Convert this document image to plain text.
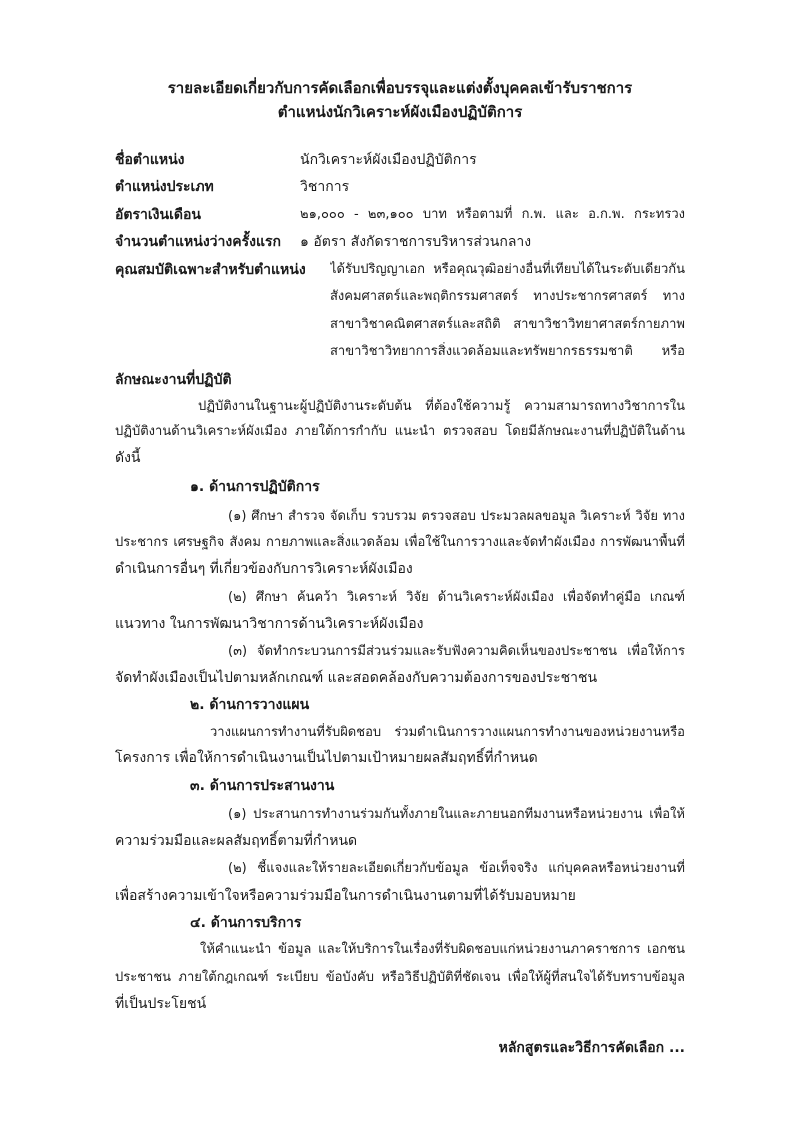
รายละเอียดเกี่ยวกับการคัดเลือกเพื่อบรรจุและแต่งตั้งบุคคลเข้ารับราชการ
ตำแหน่งนักวิเคราะห์ผังเมืองปฏิบัติการ
ชื่อตำแหน่ง	นักวิเคราะห์ผังเมืองปฏิบัติการ
ตำแหน่งประเภท	วิชาการ
อัตราเงินเดือน	๒๑,๐๐๐ - ๒๓,๑๐๐ บาท หรือตามที่ ก.พ. และ อ.ก.พ. กระทรวง
จำนวนตำแหน่งว่างครั้งแรก ๑ อัตรา สังกัดราชการบริหารส่วนกลาง
คุณสมบัติเฉพาะสำหรับตำแหน่ง ได้รับปริญญาเอก หรือคุณวุฒิอย่างอื่นที่เทียบได้ในระดับเดียวกัน
สังคมศาสตร์และพฤติกรรมศาสตร์ ทางประชากรศาสตร์ ทาง
สาขาวิชาคณิตศาสตร์และสถิติ สาขาวิชาวิทยาศาสตร์กายภาพ
สาขาวิชาวิทยาการสิ่งแวดล้อมและทรัพยากรธรรมชาติ หรือ
ลักษณะงานที่ปฏิบัติ
ปฏิบัติงานในฐานะผู้ปฏิบัติงานระดับต้น ที่ต้องใช้ความรู้ ความสามารถทางวิชาการใน
ปฏิบัติงานด้านวิเคราะห์ผังเมือง ภายใต้การกำกับ แนะนำ ตรวจสอบ โดยมีลักษณะงานที่ปฏิบัติในด้าน
ดังนี้
๑. ด้านการปฏิบัติการ
(๑) ศึกษา สำรวจ จัดเก็บ รวบรวม ตรวจสอบ ประมวลผลขอมูล วิเคราะห์ วิจัย ทาง
ประชากร เศรษฐกิจ สังคม กายภาพและสิ่งแวดล้อม เพื่อใช้ในการวางและจัดทำผังเมือง การพัฒนาพื้นที่
ดำเนินการอื่นๆ ที่เกี่ยวข้องกับการวิเคราะห์ผังเมือง
(๒) ศึกษา ค้นคว้า วิเคราะห์ วิจัย ด้านวิเคราะห์ผังเมือง เพื่อจัดทำคู่มือ เกณฑ์
แนวทาง ในการพัฒนาวิชาการด้านวิเคราะห์ผังเมือง
(๓) จัดทำกระบวนการมีส่วนร่วมและรับฟังความคิดเห็นของประชาชน เพื่อให้การ
จัดทำผังเมืองเป็นไปตามหลักเกณฑ์ และสอดคล้องกับความต้องการของประชาชน
๒. ด้านการวางแผน
วางแผนการทำงานที่รับผิดชอบ ร่วมดำเนินการวางแผนการทำงานของหน่วยงานหรือ
โครงการ เพื่อให้การดำเนินงานเป็นไปตามเป้าหมายผลสัมฤทธิ์ที่กำหนด
๓. ด้านการประสานงาน
(๑) ประสานการทำงานร่วมกันทั้งภายในและภายนอกทีมงานหรือหน่วยงาน เพื่อให้
ความร่วมมือและผลสัมฤทธิ์ตามที่กำหนด
(๒) ชี้แจงและให้รายละเอียดเกี่ยวกับข้อมูล ข้อเท็จจริง แก่บุคคลหรือหน่วยงานที่
เพื่อสร้างความเข้าใจหรือความร่วมมือในการดำเนินงานตามที่ได้รับมอบหมาย
๔. ด้านการบริการ
ให้คำแนะนำ ข้อมูล และให้บริการในเรื่องที่รับผิดชอบแก่หน่วยงานภาคราชการ เอกชน
ประชาชน ภายใต้กฎเกณฑ์ ระเบียบ ข้อบังคับ หรือวิธีปฏิบัติที่ชัดเจน เพื่อให้ผู้ที่สนใจได้รับทราบข้อมูล
ที่เป็นประโยชน์
หลักสูตรและวิธีการคัดเลือก ...
